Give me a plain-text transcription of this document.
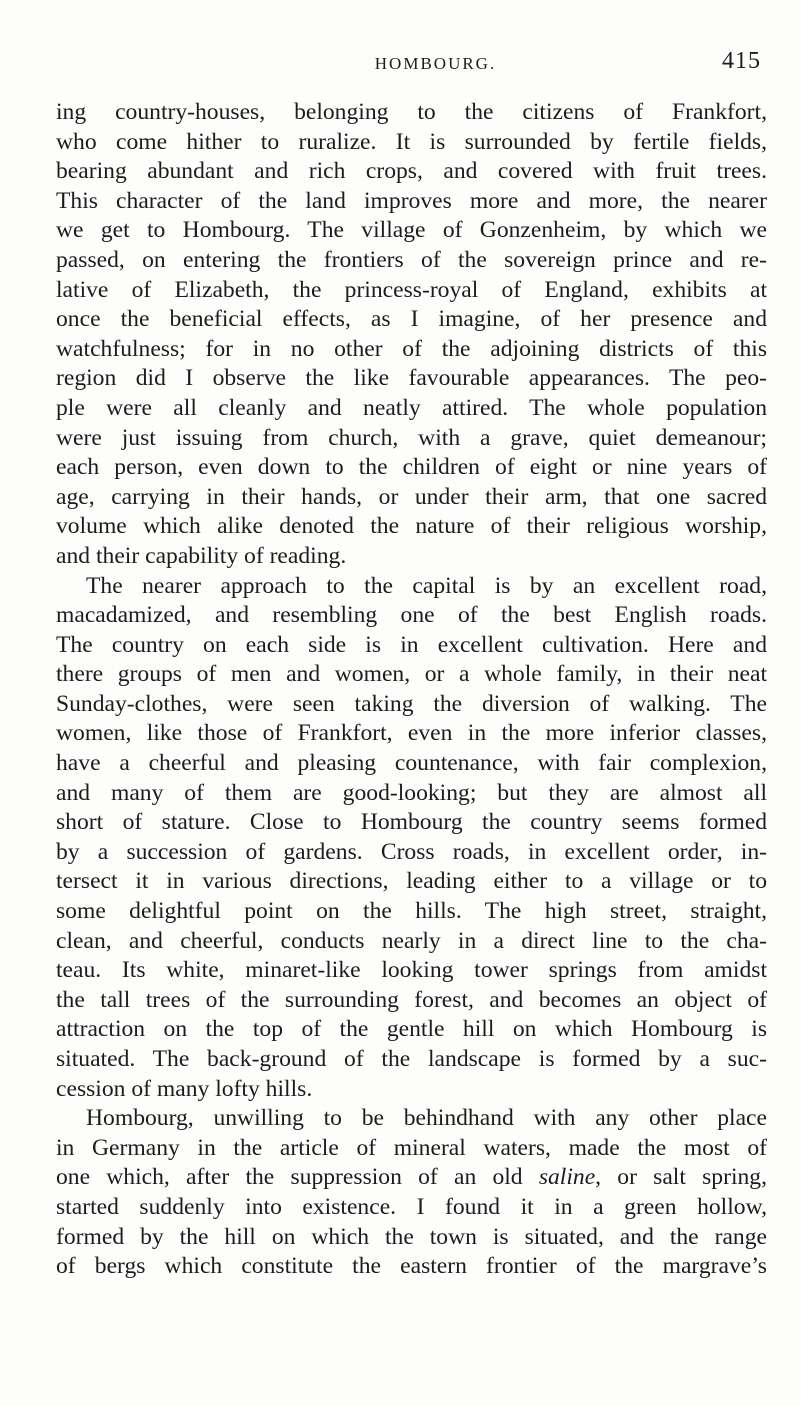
HOMBOURG.	415
ing country-houses, belonging to the citizens of Frankfort,
who come hither to ruralize. It is surrounded by fertile fields,
bearing abundant and rich crops, and covered with fruit trees.
This character of the land improves more and more, the nearer
we get to Hombourg. The village of Gonzenheim, by which we
passed, on entering the frontiers of the sovereign prince and re-
lative of Elizabeth, the princess-royal of England, exhibits at
once the beneficial effects, as I imagine, of her presence and
watchfulness; for in no other of the adjoining districts of this
region did I observe the like favourable appearances. The peo-
ple were all cleanly and neatly attired. The whole population
were just issuing from church, with a grave, quiet demeanour;
each person, even down to the children of eight or nine years of
age, carrying in their hands, or under their arm, that one sacred
volume which alike denoted the nature of their religious worship,
and their capability of reading.
The nearer approach to the capital is by an excellent road,
macadamized, and resembling one of the best English roads.
The country on each side is in excellent cultivation. Here and
there groups of men and women, or a whole family, in their neat
Sunday-clothes, were seen taking the diversion of walking. The
women, like those of Frankfort, even in the more inferior classes,
have a cheerful and pleasing countenance, with fair complexion,
and many of them are good-looking; but they are almost all
short of stature. Close to Hombourg the country seems formed
by a succession of gardens. Cross roads, in excellent order, in-
tersect it in various directions, leading either to a village or to
some delightful point on the hills. The high street, straight,
clean, and cheerful, conducts nearly in a direct line to the cha-
teau. Its white, minaret-like looking tower springs from amidst
the tall trees of the surrounding forest, and becomes an object of
attraction on the top of the gentle hill on which Hombourg is
situated. The back-ground of the landscape is formed by a suc-
cession of many lofty hills.
Hombourg, unwilling to be behindhand with any other place
in Germany in the article of mineral waters, made the most of
one which, after the suppression of an old saline, or salt spring,
started suddenly into existence. I found it in a green hollow,
formed by the hill on which the town is situated, and the range
of bergs which constitute the eastern frontier of the margrave’s
